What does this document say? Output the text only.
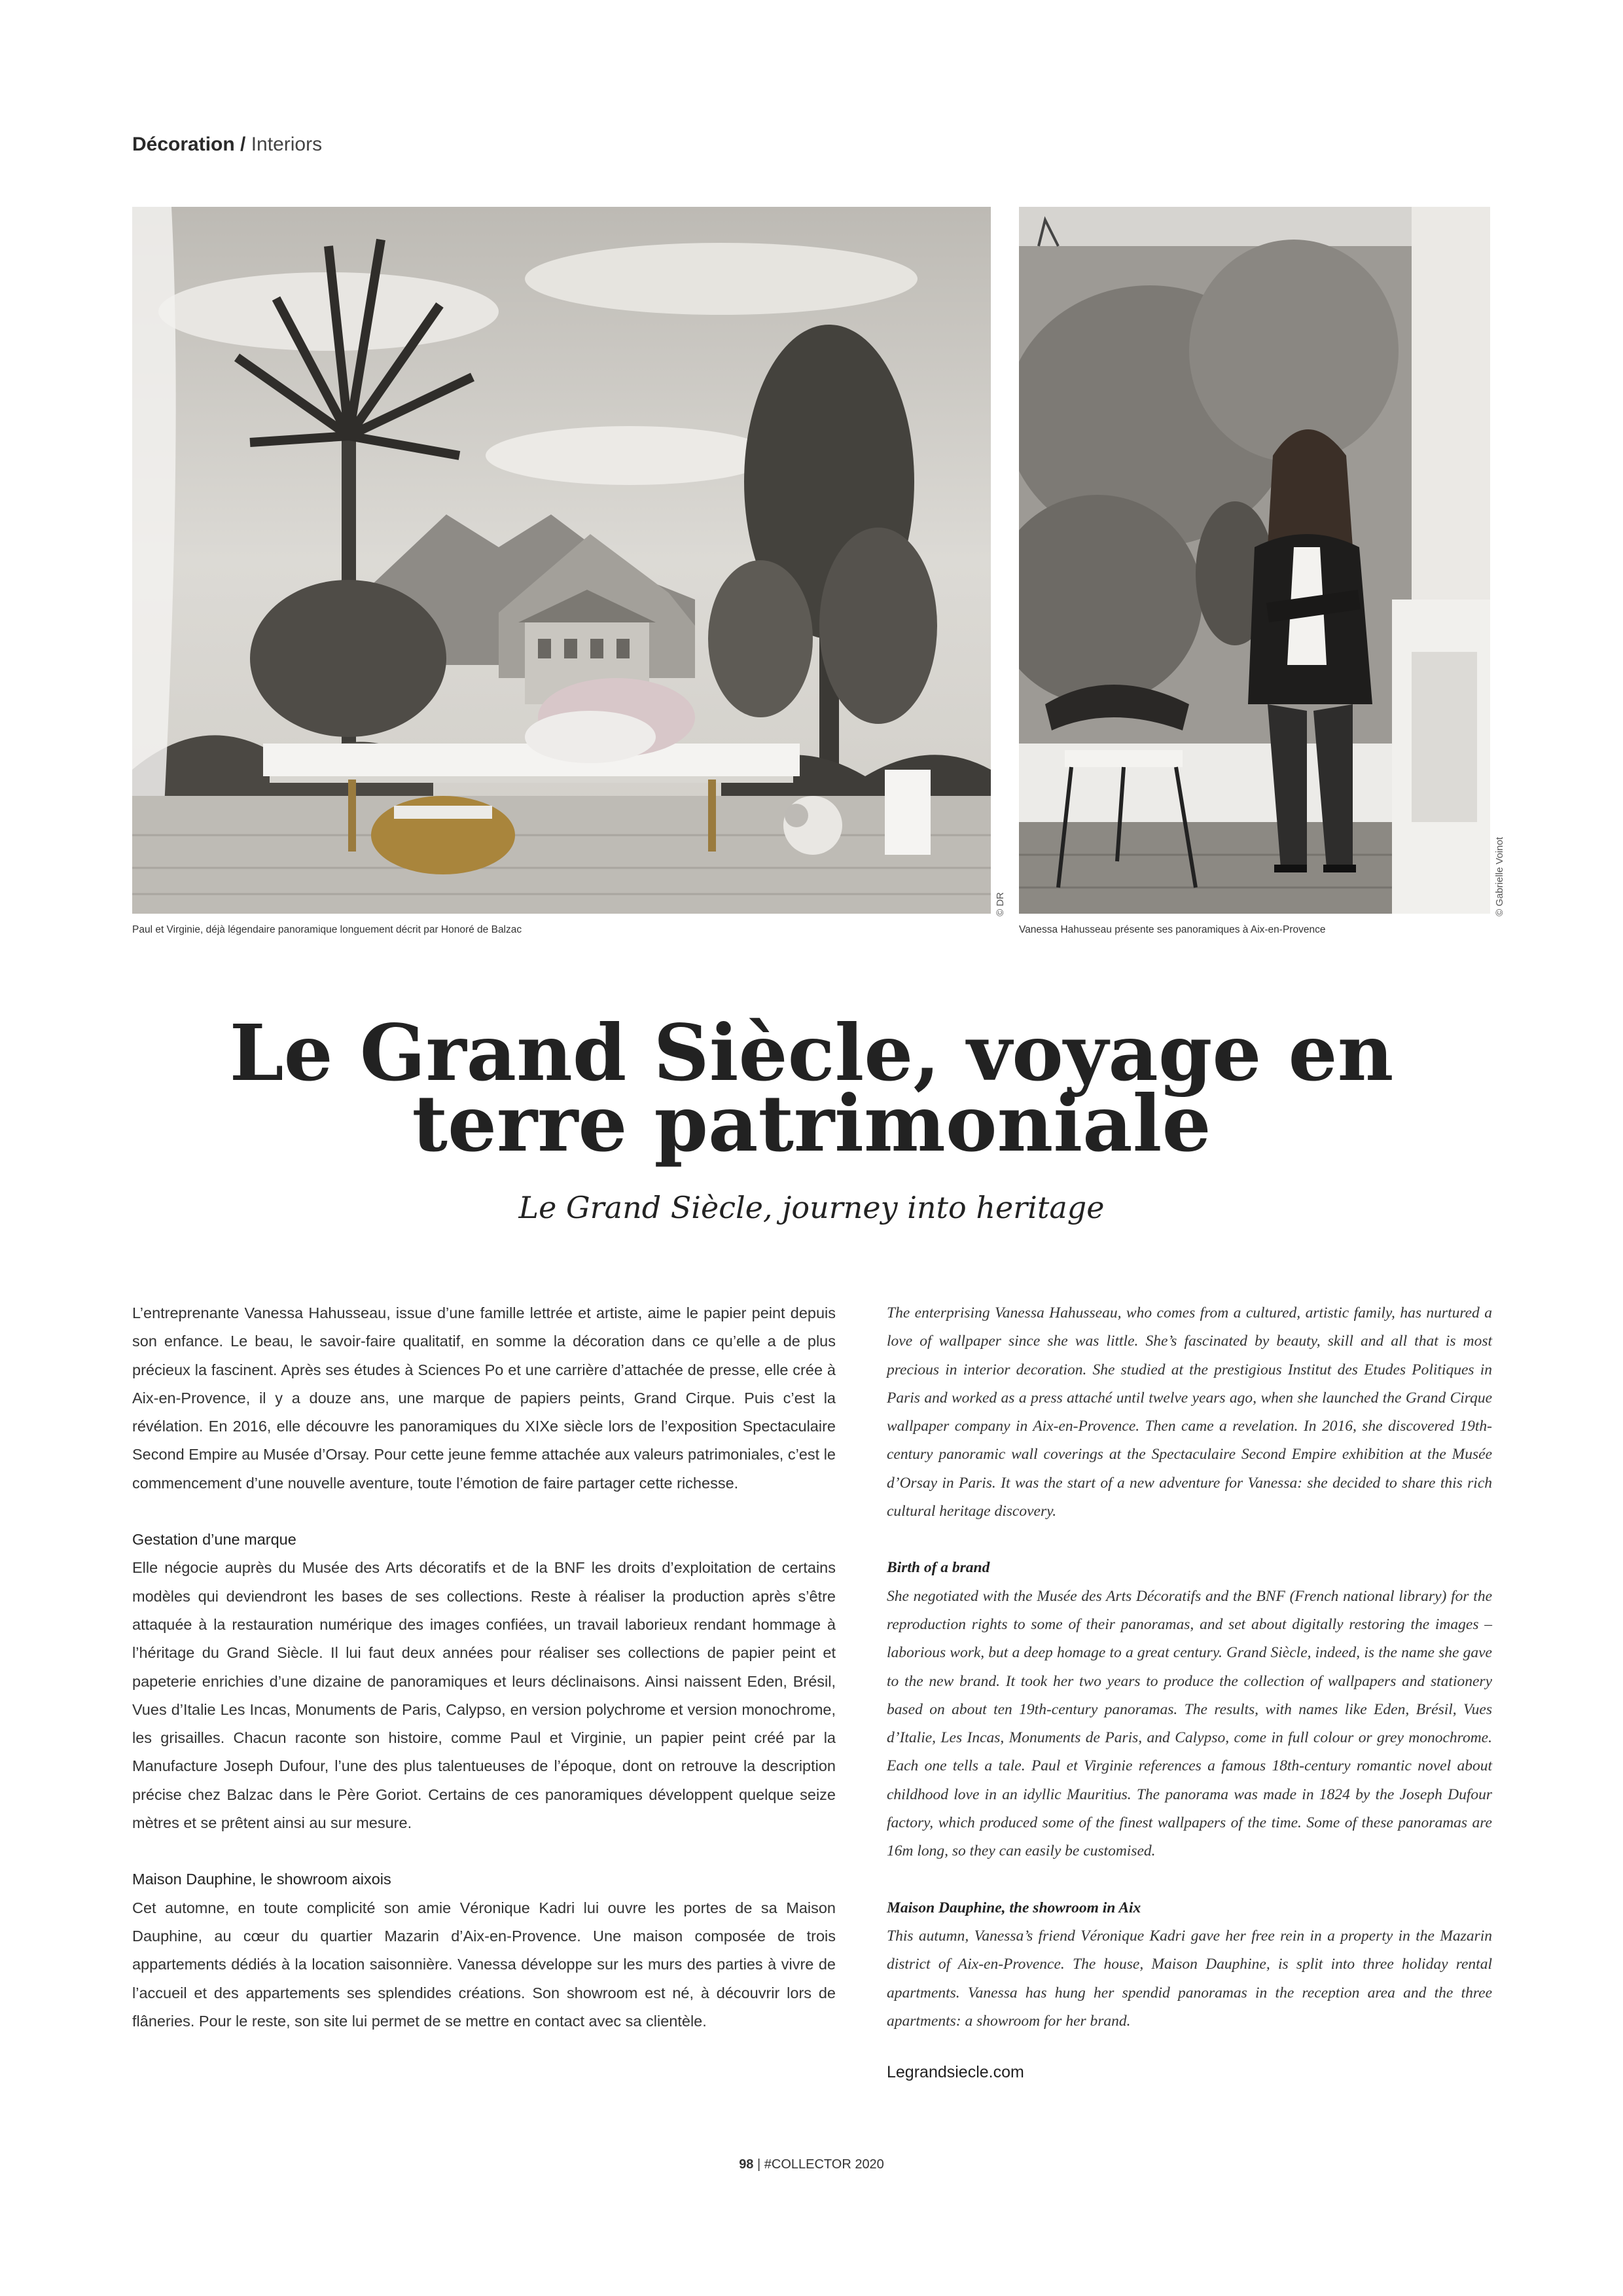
Décoration / Interiors
© DR
Paul et Virginie, déjà légendaire panoramique longuement décrit par Honoré de Balzac
© Gabrielle Voinot
Vanessa Hahusseau présente ses panoramiques à Aix-en-Provence
Le Grand Siècle, voyage en
terre patrimoniale
Le Grand Siècle, journey into heritage

L’entreprenante Vanessa Hahusseau, issue d’une famille lettrée et artiste, aime le papier peint depuis son enfance. Le beau, le savoir-faire qualitatif, en somme la décoration dans ce qu’elle a de plus précieux la fascinent. Après ses études à Sciences Po et une carrière d’attachée de presse, elle crée à Aix-en-Provence, il y a douze ans, une marque de papiers peints, Grand Cirque. Puis c’est la révélation. En 2016, elle découvre les panoramiques du XIXe siècle lors de l’exposition Spectaculaire Second Empire au Musée d’Orsay. Pour cette jeune femme attachée aux valeurs patrimoniales, c’est le commencement d’une nouvelle aventure, toute l’émotion de faire partager cette richesse.

Gestation d’une marque

Elle négocie auprès du Musée des Arts décoratifs et de la BNF les droits d’exploitation de certains modèles qui deviendront les bases de ses collections. Reste à réaliser la production après s’être attaquée à la restauration numérique des images confiées, un travail laborieux rendant hommage à l’héritage du Grand Siècle. Il lui faut deux années pour réaliser ses collections de papier peint et papeterie enrichies d’une dizaine de panoramiques et leurs déclinaisons. Ainsi naissent Eden, Brésil, Vues d’Italie Les Incas, Monuments de Paris, Calypso, en version polychrome et version monochrome, les grisailles. Chacun raconte son histoire, comme Paul et Virginie, un papier peint créé par la Manufacture Joseph Dufour, l’une des plus talentueuses de l’époque, dont on retrouve la description précise chez Balzac dans le Père Goriot. Certains de ces panoramiques développent quelque seize mètres et se prêtent ainsi au sur mesure.

Maison Dauphine, le showroom aixois

Cet automne, en toute complicité son amie Véronique Kadri lui ouvre les portes de sa Maison Dauphine, au cœur du quartier Mazarin d’Aix-en-Provence. Une maison composée de trois appartements dédiés à la location saisonnière. Vanessa développe sur les murs des parties à vivre de l’accueil et des appartements ses splendides créations. Son showroom est né, à découvrir lors de flâneries. Pour le reste, son site lui permet de se mettre en contact avec sa clientèle.

The enterprising Vanessa Hahusseau, who comes from a cultured, artistic family, has nurtured a love of wallpaper since she was little. She’s fascinated by beauty, skill and all that is most precious in interior decoration. She studied at the prestigious Institut des Etudes Politiques in Paris and worked as a press attaché until twelve years ago, when she launched the Grand Cirque wallpaper company in Aix-en-Provence. Then came a revelation. In 2016, she discovered 19th-century panoramic wall coverings at the Spectaculaire Second Empire exhibition at the Musée d’Orsay in Paris. It was the start of a new adventure for Vanessa: she decided to share this rich cultural heritage discovery.

Birth of a brand

She negotiated with the Musée des Arts Décoratifs and the BNF (French national library) for the reproduction rights to some of their panoramas, and set about digitally restoring the images – laborious work, but a deep homage to a great century. Grand Siècle, indeed, is the name she gave to the new brand. It took her two years to produce the collection of wallpapers and stationery based on about ten 19th-century panoramas. The results, with names like Eden, Brésil, Vues d’Italie, Les Incas, Monuments de Paris, and Calypso, come in full colour or grey monochrome. Each one tells a tale. Paul et Virginie references a famous 18th-century romantic novel about childhood love in an idyllic Mauritius. The panorama was made in 1824 by the Joseph Dufour factory, which produced some of the finest wallpapers of the time. Some of these panoramas are 16m long, so they can easily be customised.

Maison Dauphine, the showroom in Aix

This autumn, Vanessa’s friend Véronique Kadri gave her free rein in a property in the Mazarin district of Aix-en-Provence. The house, Maison Dauphine, is split into three holiday rental apartments. Vanessa has hung her spendid panoramas in the reception area and the three apartments: a showroom for her brand.

Legrandsiecle.com
98 | #COLLECTOR 2020
